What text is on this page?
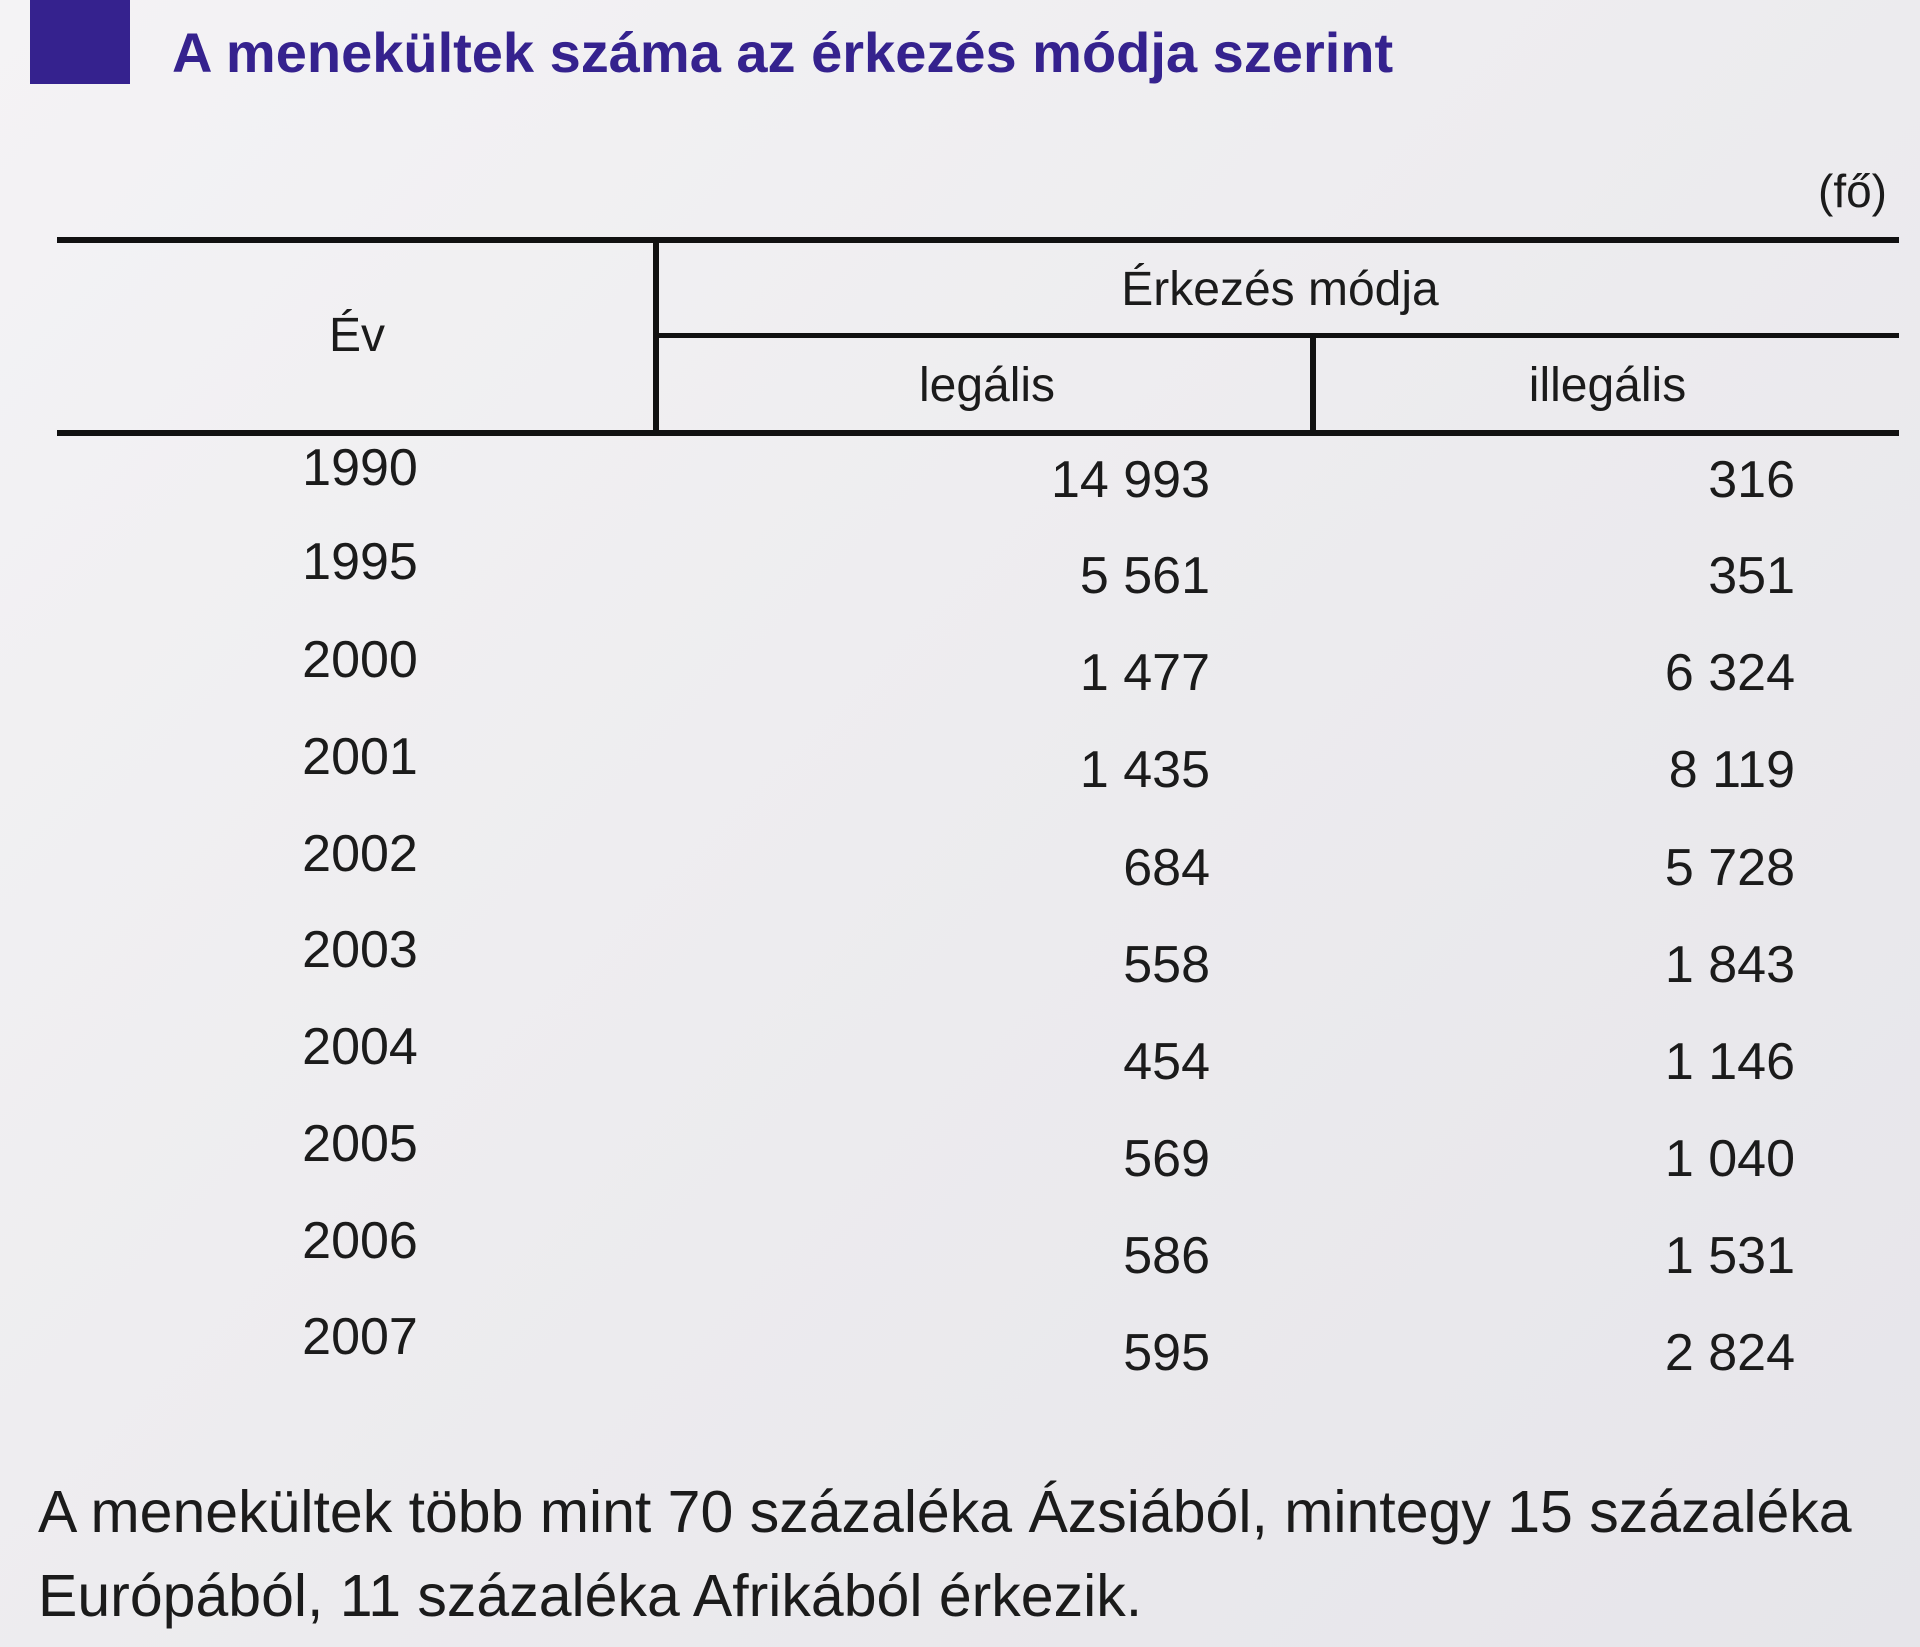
A menekültek száma az érkezés módja szerint
(fő)
Év
Érkezés módja
legális	illegális
1990	14 993	316
1995	5 561	351
2000	1 477	6 324
2001	1 435	8 119
2002	684	5 728
2003	558	1 843
2004	454	1 146
2005	569	1 040
2006	586	1 531
2007	595	2 824
A menekültek több mint 70 százaléka Ázsiából, mintegy 15 százaléka Európából, 11 százaléka Afrikából érkezik.
